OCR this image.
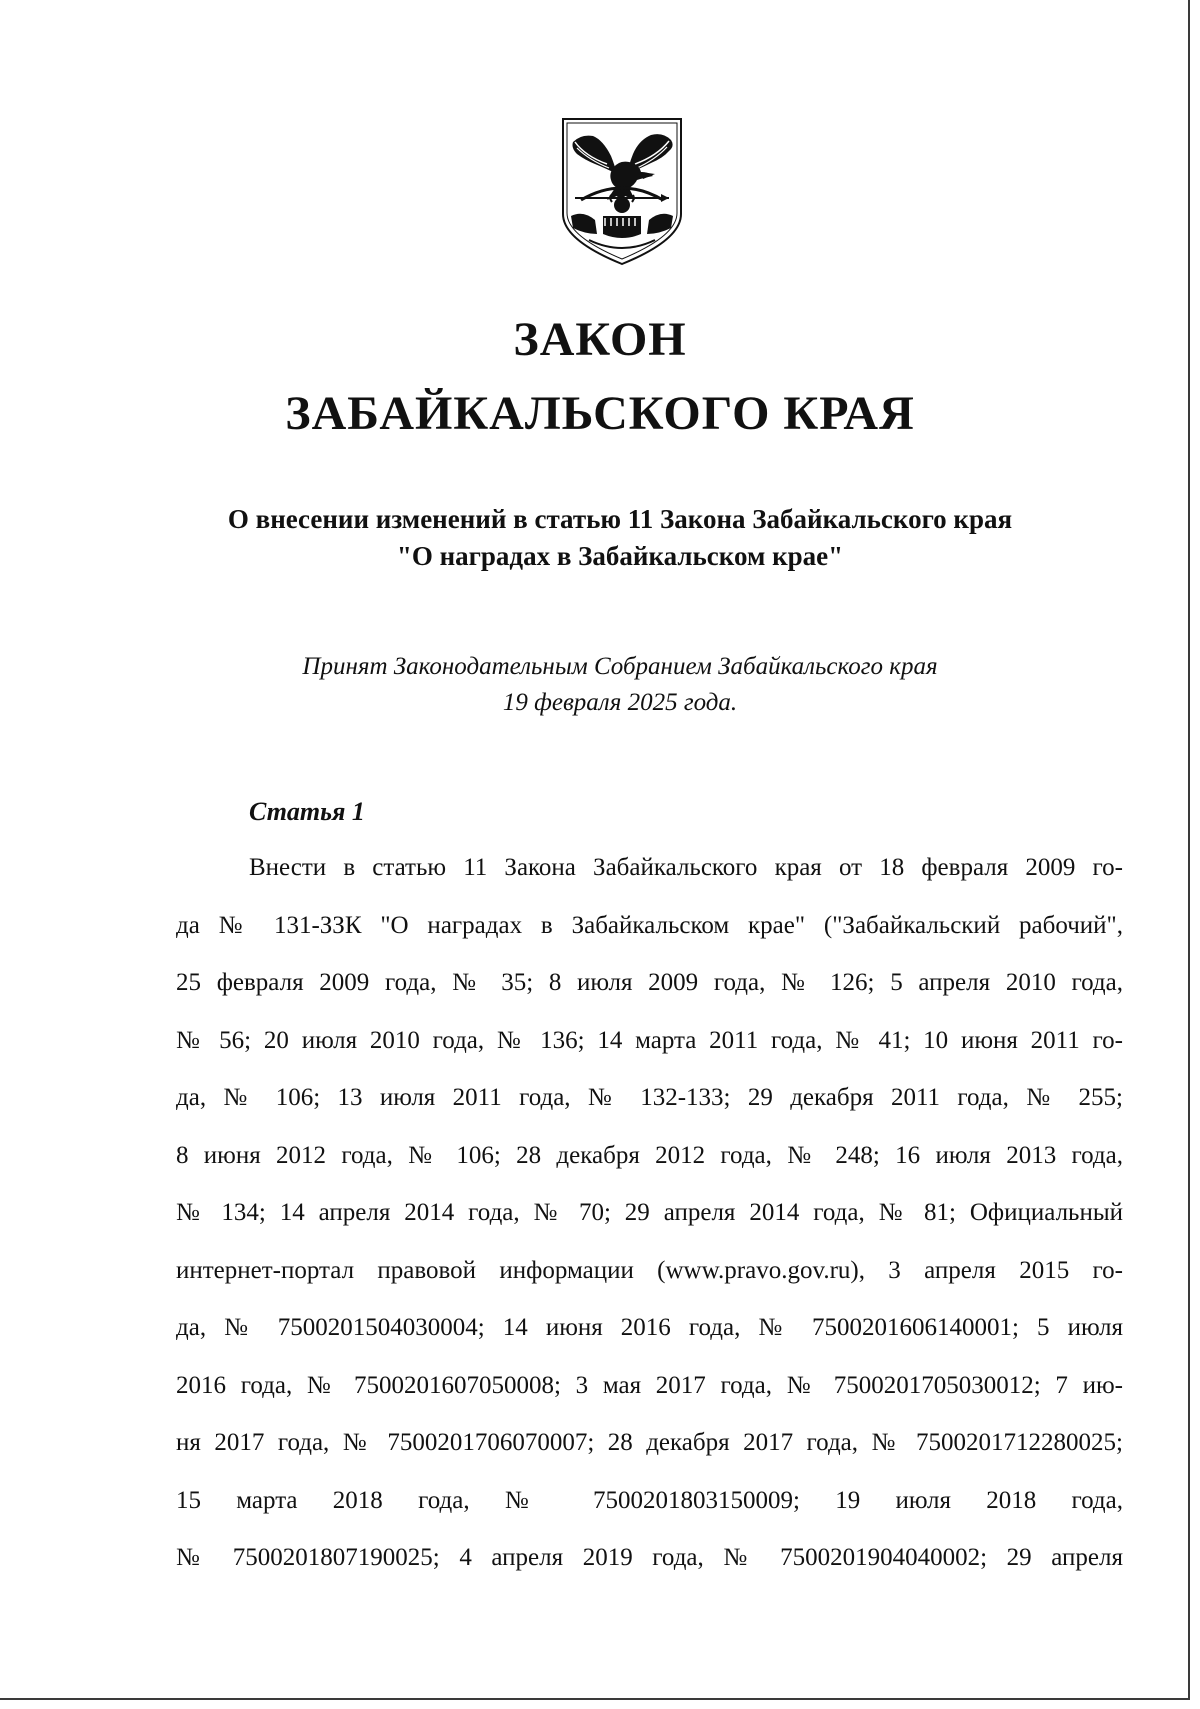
ЗАКОН
ЗАБАЙКАЛЬСКОГО КРАЯ
О внесении изменений в статью 11 Закона Забайкальского края
"О наградах в Забайкальском крае"
Принят Законодательным Собранием Забайкальского края
19 февраля 2025 года.
Статья 1
Внести в статью 11 Закона Забайкальского края от 18 февраля 2009 го-
да № 131-ЗЗК "О наградах в Забайкальском крае" ("Забайкальский рабочий",
25 февраля 2009 года, № 35; 8 июля 2009 года, № 126; 5 апреля 2010 года,
№ 56; 20 июля 2010 года, № 136; 14 марта 2011 года, № 41; 10 июня 2011 го-
да, № 106; 13 июля 2011 года, № 132-133; 29 декабря 2011 года, № 255;
8 июня 2012 года, № 106; 28 декабря 2012 года, № 248; 16 июля 2013 года,
№ 134; 14 апреля 2014 года, № 70; 29 апреля 2014 года, № 81; Официальный
интернет-портал правовой информации (www.pravo.gov.ru), 3 апреля 2015 го-
да, № 7500201504030004; 14 июня 2016 года, № 7500201606140001; 5 июля
2016 года, № 7500201607050008; 3 мая 2017 года, № 7500201705030012; 7 ию-
ня 2017 года, № 7500201706070007; 28 декабря 2017 года, № 7500201712280025;
15 марта 2018 года, № 7500201803150009; 19 июля 2018 года,
№ 7500201807190025; 4 апреля 2019 года, № 7500201904040002; 29 апреля
